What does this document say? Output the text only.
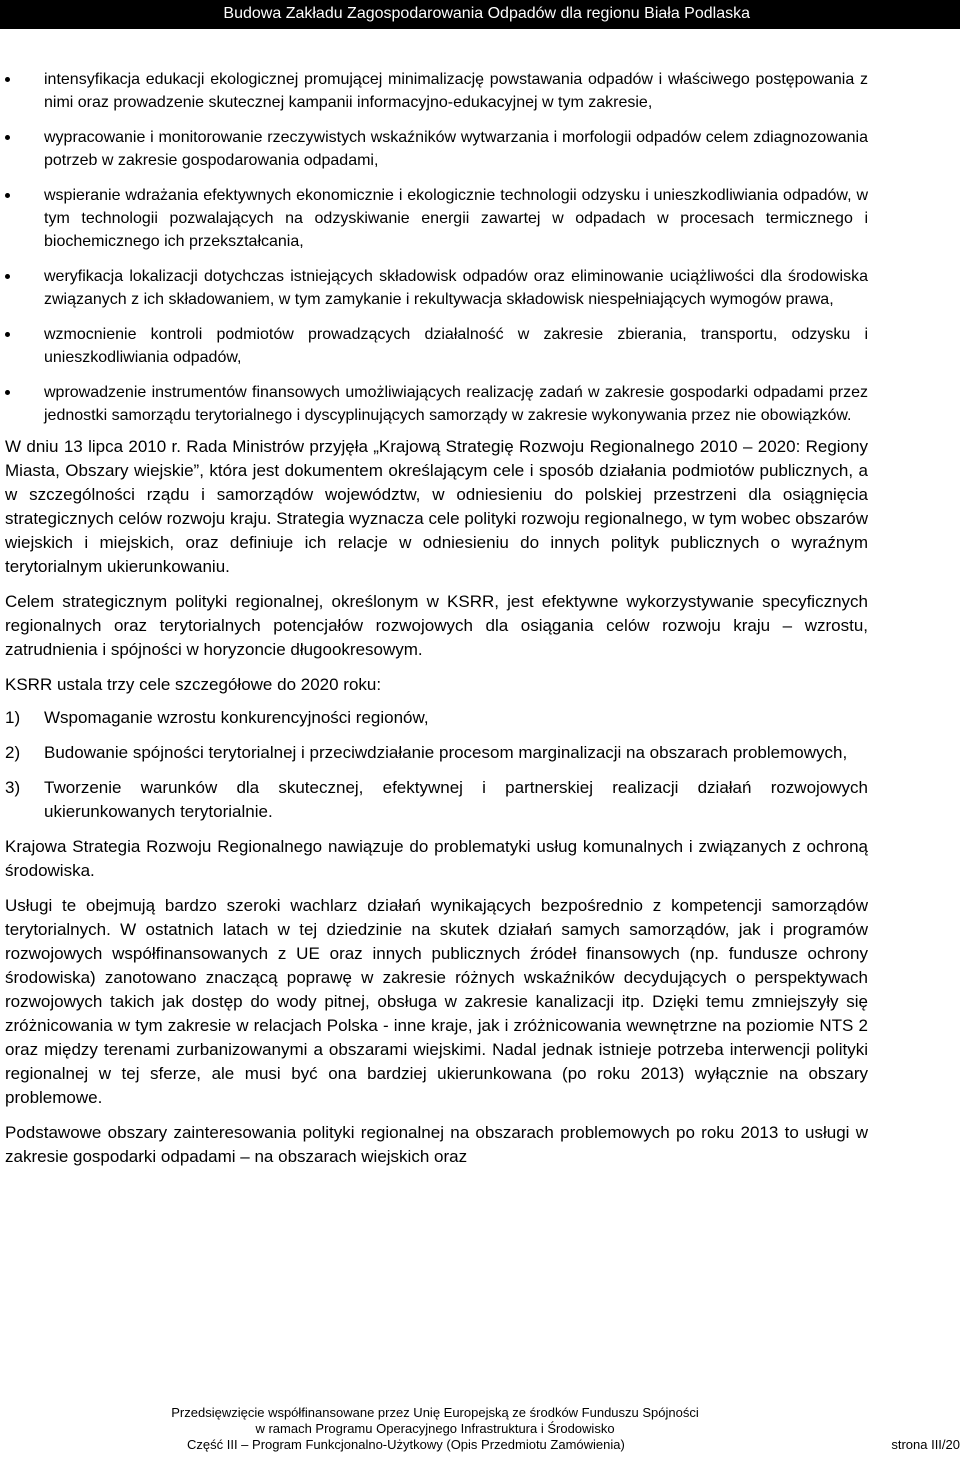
Budowa Zakładu Zagospodarowania Odpadów dla regionu Biała Podlaska
intensyfikacja edukacji ekologicznej promującej minimalizację powstawania odpadów i właściwego postępowania z nimi oraz prowadzenie skutecznej kampanii informacyjno-edukacyjnej w tym zakresie,
wypracowanie i monitorowanie rzeczywistych wskaźników wytwarzania i morfologii odpadów celem zdiagnozowania potrzeb w zakresie gospodarowania odpadami,
wspieranie wdrażania efektywnych ekonomicznie i ekologicznie technologii odzysku i unieszkodliwiania odpadów, w tym technologii pozwalających na odzyskiwanie energii zawartej w odpadach w procesach termicznego i biochemicznego ich przekształcania,
weryfikacja lokalizacji dotychczas istniejących składowisk odpadów oraz eliminowanie uciążliwości dla środowiska związanych z ich składowaniem, w tym zamykanie i rekultywacja składowisk niespełniających wymogów prawa,
wzmocnienie kontroli podmiotów prowadzących działalność w zakresie zbierania, transportu, odzysku i unieszkodliwiania odpadów,
wprowadzenie instrumentów finansowych umożliwiających realizację zadań w zakresie gospodarki odpadami przez jednostki samorządu terytorialnego i dyscyplinujących samorządy w zakresie wykonywania przez nie obowiązków.

W dniu 13 lipca 2010 r. Rada Ministrów przyjęła „Krajową Strategię Rozwoju Regionalnego 2010 – 2020: Regiony Miasta, Obszary wiejskie”, która jest dokumentem określającym cele i sposób działania podmiotów publicznych, a w szczególności rządu i samorządów województw, w odniesieniu do polskiej przestrzeni dla osiągnięcia strategicznych celów rozwoju kraju. Strategia wyznacza cele polityki rozwoju regionalnego, w tym wobec obszarów wiejskich i miejskich, oraz definiuje ich relacje w odniesieniu do innych polityk publicznych o wyraźnym terytorialnym ukierunkowaniu.

Celem strategicznym polityki regionalnej, określonym w KSRR, jest efektywne wykorzystywanie specyficznych regionalnych oraz terytorialnych potencjałów rozwojowych dla osiągania celów rozwoju kraju – wzrostu, zatrudnienia i spójności w horyzoncie długookresowym.

KSRR ustala trzy cele szczegółowe do 2020 roku:

1) Wspomaganie wzrostu konkurencyjności regionów,
2) Budowanie spójności terytorialnej i przeciwdziałanie procesom marginalizacji na obszarach problemowych,
3) Tworzenie warunków dla skutecznej, efektywnej i partnerskiej realizacji działań rozwojowych ukierunkowanych terytorialnie.

Krajowa Strategia Rozwoju Regionalnego nawiązuje do problematyki usług komunalnych i związanych z ochroną środowiska.

Usługi te obejmują bardzo szeroki wachlarz działań wynikających bezpośrednio z kompetencji samorządów terytorialnych. W ostatnich latach w tej dziedzinie na skutek działań samych samorządów, jak i programów rozwojowych współfinansowanych z UE oraz innych publicznych źródeł finansowych (np. fundusze ochrony środowiska) zanotowano znaczącą poprawę w zakresie różnych wskaźników decydujących o perspektywach rozwojowych takich jak dostęp do wody pitnej, obsługa w zakresie kanalizacji itp. Dzięki temu zmniejszyły się zróżnicowania w tym zakresie w relacjach Polska - inne kraje, jak i zróżnicowania wewnętrzne na poziomie NTS 2 oraz między terenami zurbanizowanymi a obszarami wiejskimi. Nadal jednak istnieje potrzeba interwencji polityki regionalnej w tej sferze, ale musi być ona bardziej ukierunkowana (po roku 2013) wyłącznie na obszary problemowe.

Podstawowe obszary zainteresowania polityki regionalnej na obszarach problemowych po roku 2013 to usługi w zakresie gospodarki odpadami – na obszarach wiejskich oraz

Przedsięwzięcie współfinansowane przez Unię Europejską ze środków Funduszu Spójności
w ramach Programu Operacyjnego Infrastruktura i Środowisko
Część III – Program Funkcjonalno-Użytkowy (Opis Przedmiotu Zamówienia)	strona III/20
